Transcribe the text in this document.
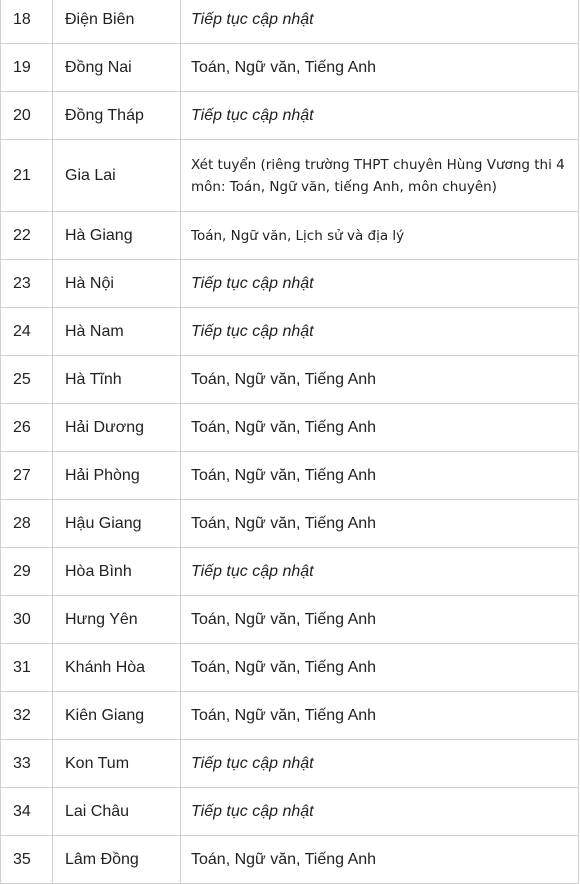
18	Điện Biên	Tiếp tục cập nhật
19	Đồng Nai	Toán, Ngữ văn, Tiếng Anh
20	Đồng Tháp	Tiếp tục cập nhật
21	Gia Lai	Xét tuyển (riêng trường THPT chuyên Hùng Vương thi 4 môn: Toán, Ngữ văn, tiếng Anh, môn chuyên)
22	Hà Giang	Toán, Ngữ văn, Lịch sử và địa lý
23	Hà Nội	Tiếp tục cập nhật
24	Hà Nam	Tiếp tục cập nhật
25	Hà Tĩnh	Toán, Ngữ văn, Tiếng Anh
26	Hải Dương	Toán, Ngữ văn, Tiếng Anh
27	Hải Phòng	Toán, Ngữ văn, Tiếng Anh
28	Hậu Giang	Toán, Ngữ văn, Tiếng Anh
29	Hòa Bình	Tiếp tục cập nhật
30	Hưng Yên	Toán, Ngữ văn, Tiếng Anh
31	Khánh Hòa	Toán, Ngữ văn, Tiếng Anh
32	Kiên Giang	Toán, Ngữ văn, Tiếng Anh
33	Kon Tum	Tiếp tục cập nhật
34	Lai Châu	Tiếp tục cập nhật
35	Lâm Đồng	Toán, Ngữ văn, Tiếng Anh
